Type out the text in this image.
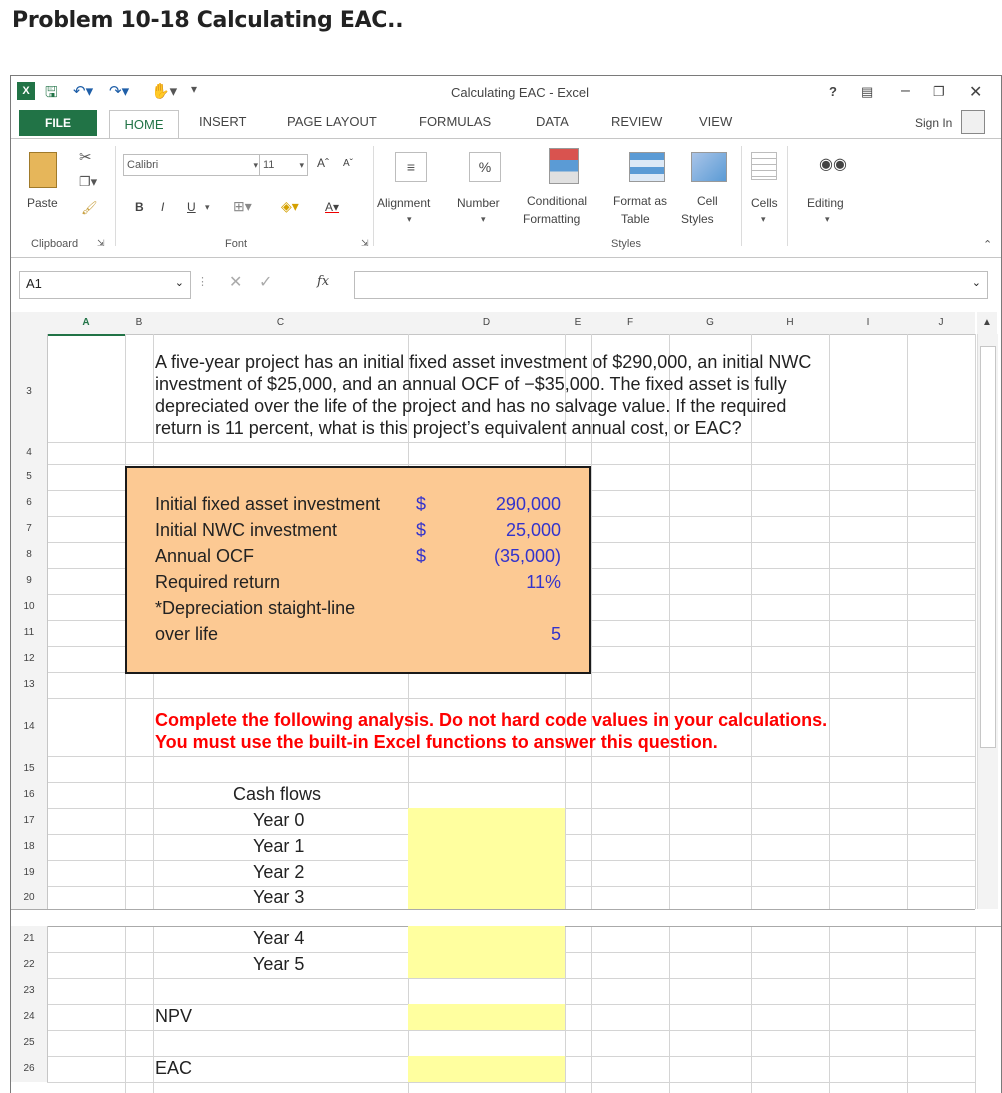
Problem 10-18 Calculating EAC..
X	🖫 ↶▾ ↷▾ ✋▾ ▾	Calculating EAC - Excel	? ▤ – ❐ ✕
FILE	HOME	INSERT	PAGE LAYOUT	FORMULAS	DATA	REVIEW	VIEW	Sign In
Paste
✂
❐▾
🖌
Clipboard ⇲
Calibri	▾ 11	▾ Aˆ Aˇ
B I U ▾ ⊞▾ ◈▾ A▾
Font	⇲
≡
Alignment
▾
%
Number
▾
Conditional
Formatting
Format as
Table
Cell
Styles
Styles
Cells
▾
◉◉
Editing
▾
⌃
A1	⌄ ⋮ ✕ ✓	fx	⌄
A	B	C	D	E	F	G	H	I	J	▲
3
4
5
6
7
8
9
10
11
12
13
14
15
16
17
18
19
20
21
22
23
24
25
26
A five-year project has an initial fixed asset investment of $290,000, an initial NWC
investment of $25,000, and an annual OCF of −$35,000. The fixed asset is fully
depreciated over the life of the project and has no salvage value. If the required
return is 11 percent, what is this project’s equivalent annual cost, or EAC?
Initial fixed asset investment $	290,000
Initial NWC investment	$	25,000
Annual OCF	$	(35,000)
Required return	11%
*Depreciation staight-line
over life	5
Complete the following analysis. Do not hard code values in your calculations.
You must use the built-in Excel functions to answer this question.
Cash flows
Year 0
Year 1
Year 2
Year 3
Year 4
Year 5
NPV
EAC
